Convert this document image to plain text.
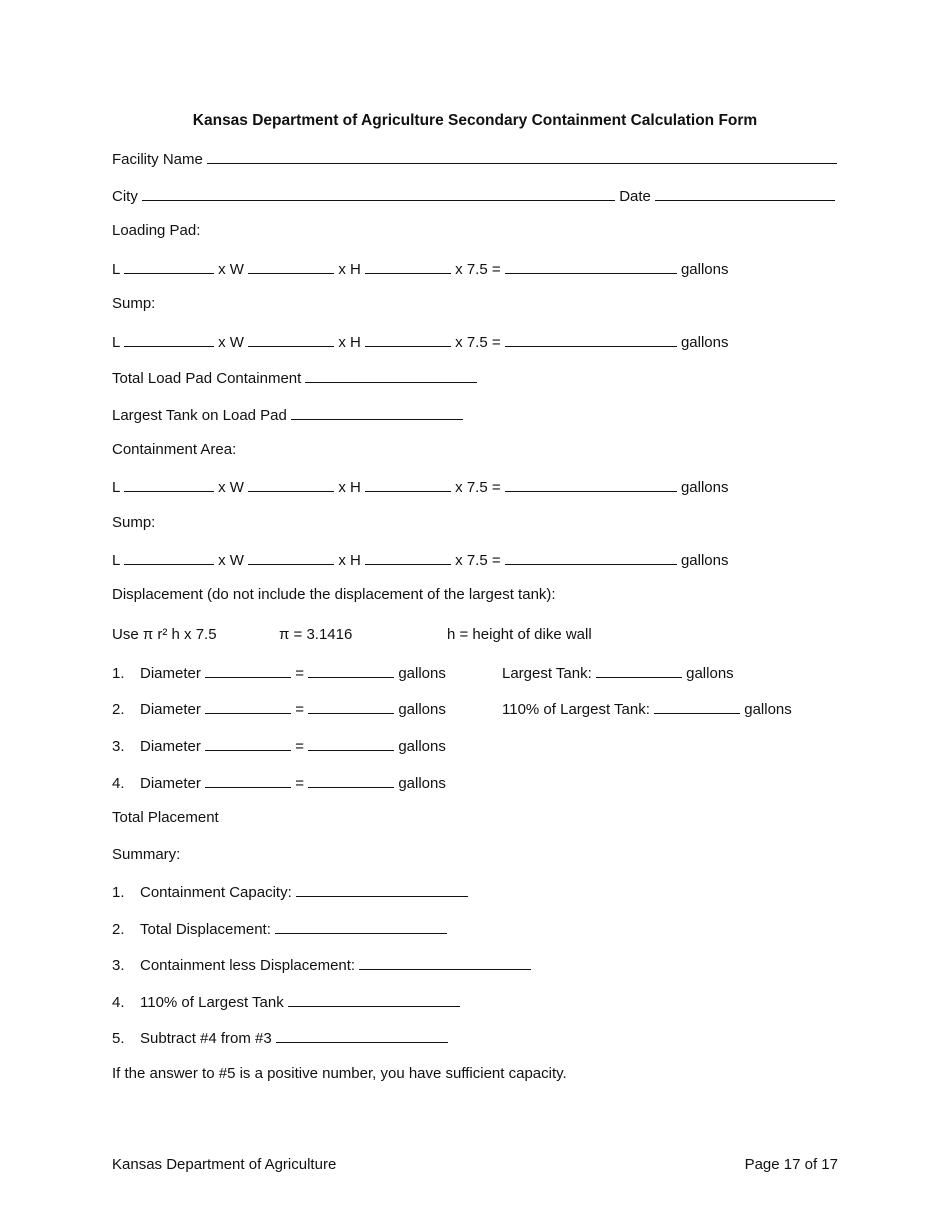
Kansas Department of Agriculture Secondary Containment Calculation Form
Facility Name
City	Date
Loading Pad:
L	x W	x H	x 7.5 =	gallons
Sump:
L	x W	x H	x 7.5 =	gallons
Total Load Pad Containment
Largest Tank on Load Pad
Containment Area:
L	x W	x H	x 7.5 =	gallons
Sump:
L	x W	x H	x 7.5 =	gallons
Displacement (do not include the displacement of the largest tank):
Use π r² h x 7.5	π = 3.1416	h = height of dike wall
1. Diameter	=	gallons	Largest Tank:	gallons
2. Diameter	=	gallons	110% of Largest Tank:	gallons
3. Diameter	=	gallons
4. Diameter	=	gallons
Total Placement
Summary:
1. Containment Capacity:
2. Total Displacement:
3. Containment less Displacement:
4. 110% of Largest Tank
5. Subtract #4 from #3
If the answer to #5 is a positive number, you have sufficient capacity.
Kansas Department of Agriculture	Page 17 of 17
